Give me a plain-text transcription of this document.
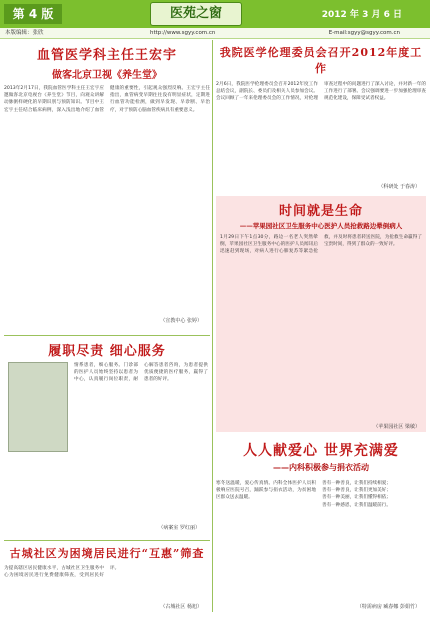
第 4 版	医苑之窗	2012 年 3 月 6 日
本版编辑：张欣	http://www.sgyy.com.cn	E-mail:sgyy@sgyy.com.cn
血管医学科主任王宏宇
做客北京卫视《养生堂》
2013年2月17日，我院血管医学科主任王宏宇应邀做客北京电视台《养生堂》节目，向观众讲解动脉粥样硬化的早期识别与预防知识。节目中王宏宇主任结合临床病例，深入浅出地介绍了血管健康的重要性，引起观众强烈反响。王宏宇主任指出，血管病变早期往往没有明显症状，定期进行血管功能检测，做到早发现、早诊断、早治疗，对于预防心脑血管疾病具有重要意义。
（宣教中心 张婷）
履职尽责 细心服务
情系患者，细心服务。门诊部的医护人员始终坚持以患者为中心，认真履行岗位职责，耐心解答患者咨询，为患者提供优质便捷的医疗服务，赢得了患者的好评。
（病案室 罗红丽）
古城社区为困境居民进行“互惠”筛查
为提高辖区居民健康水平，古城社区卫生服务中心为困境居民进行免费健康筛查，受到居民好评。
（古城社区 杨旭）
我院医学伦理委员会召开2012年度工作
2月6日，我院医学伦理委员会召开2012年度工作总结会议，副院长、委员们及相关人员参加会议。会议回顾了一年来伦理委员会的工作情况，对伦理审查过程中的问题进行了深入讨论，并对新一年的工作进行了部署。会议强调要进一步加强伦理审查规范化建设，保障受试者权益。
（科研处 于春涛）
时间就是生命
——苹果园社区卫生服务中心医护人员抢救路边晕倒病人
1月29日下午1点30分，路边一名老人突然晕倒，苹果园社区卫生服务中心的医护人员闻讯后迅速赶到现场，对病人进行心肺复苏等紧急抢救，并及时将患者转送医院，为抢救生命赢得了宝贵时间，得到了群众的一致好评。
（苹果园社区 梁敏）
人人献爱心 世界充满爱
——内科积极参与捐衣活动
寒冬送温暖，爱心传真情。内科全体医护人员积极响应医院号召，踊跃参与捐衣活动，为贫困地区群众送去温暖。
善有一种善良，让我们持续相爱；
善有一种善良，让我们更加美好；
善有一种美丽，让我们懂得相依；
善有一种感恩，让我们温暖前行。
（特需病房 臧春娜 彭娟竹）
